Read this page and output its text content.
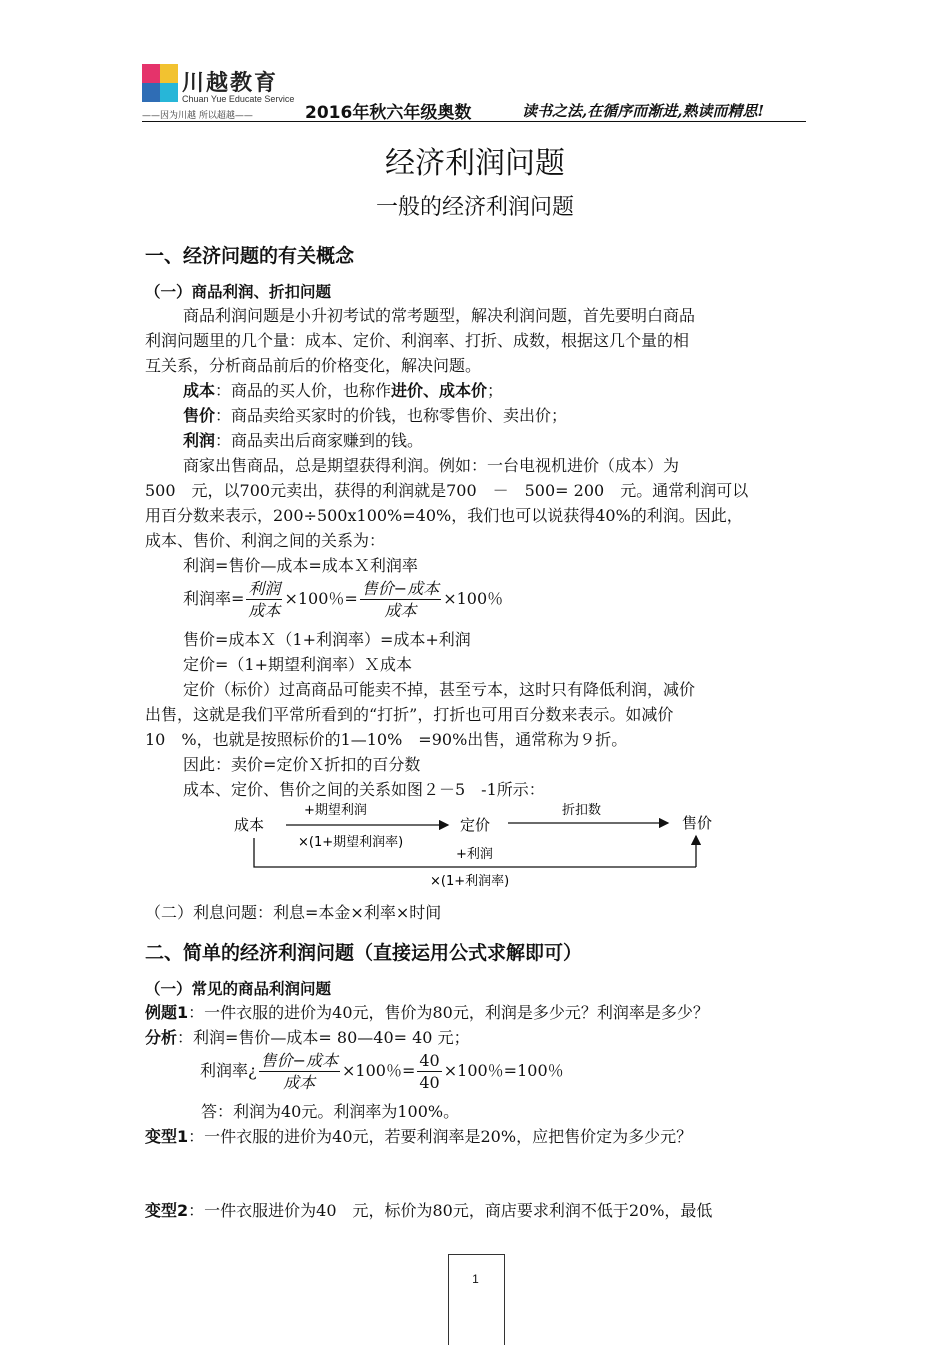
川越教育
Chuan Yue Educate Service
——因为川越 所以超越——	2016年秋六年级奥数	读书之法,在循序而渐进,熟读而精思!
经济利润问题
一般的经济利润问题
一、经济问题的有关概念
（一）商品利润、折扣问题
商品利润问题是小升初考试的常考题型，解决利润问题，首先要明白商品
利润问题里的几个量：成本、定价、利润率、打折、成数，根据这几个量的相
互关系，分析商品前后的价格变化，解决问题。
成本：商品的买人价，也称作进价、成本价；
售价：商品卖给买家时的价钱，也称零售价、卖出价；
利润：商品卖出后商家赚到的钱。
商家出售商品，总是期望获得利润。例如：一台电视机进价（成本）为
500　元，以700元卖出，获得的利润就是700　－　500= 200　元。通常利润可以
用百分数来表示，200÷500x100%=40%，我们也可以说获得40%的利润。因此，
成本、售价、利润之间的关系为：
利润=售价—成本=成本Ｘ利润率
利润率= $\frac{\text{利润}}{\text{成本}} \times 100$％= $\frac{\text{售价−成本}}{\text{成本}} \times 100$％
售价=成本Ｘ（1+利润率）=成本+利润
定价=（1+期望利润率）Ｘ成本
定价（标价）过高商品可能卖不掉，甚至亏本，这时只有降低利润，减价
出售，这就是我们平常所看到的“打折”，打折也可用百分数来表示。如减价
10　%，也就是按照标价的1—10%　=90%出售，通常称为９折。
因此：卖价=定价Ｘ折扣的百分数
成本、定价、售价之间的关系如图２－5　-1所示：
成本
+期望利润
×(1+期望利润率)
定价
折扣数
售价
+利润
×(1+利润率)
（二）利息问题：利息=本金×利率×时间
二、简单的经济利润问题（直接运用公式求解即可）
（一）常见的商品利润问题
例题1：一件衣服的进价为40元，售价为80元，利润是多少元？利润率是多少？
分析：利润=售价—成本= 80—40= 40 元；
利润率¿ $\frac{\text{售价−成本}}{\text{成本}} \times 100$％= $\frac{40}{40} \times 100$％=100％
答：利润为40元。利润率为100%。
变型1：一件衣服的进价为40元，若要利润率是20%，应把售价定为多少元？
变型2：一件衣服进价为40　元，标价为80元，商店要求利润不低于20%，最低
1
